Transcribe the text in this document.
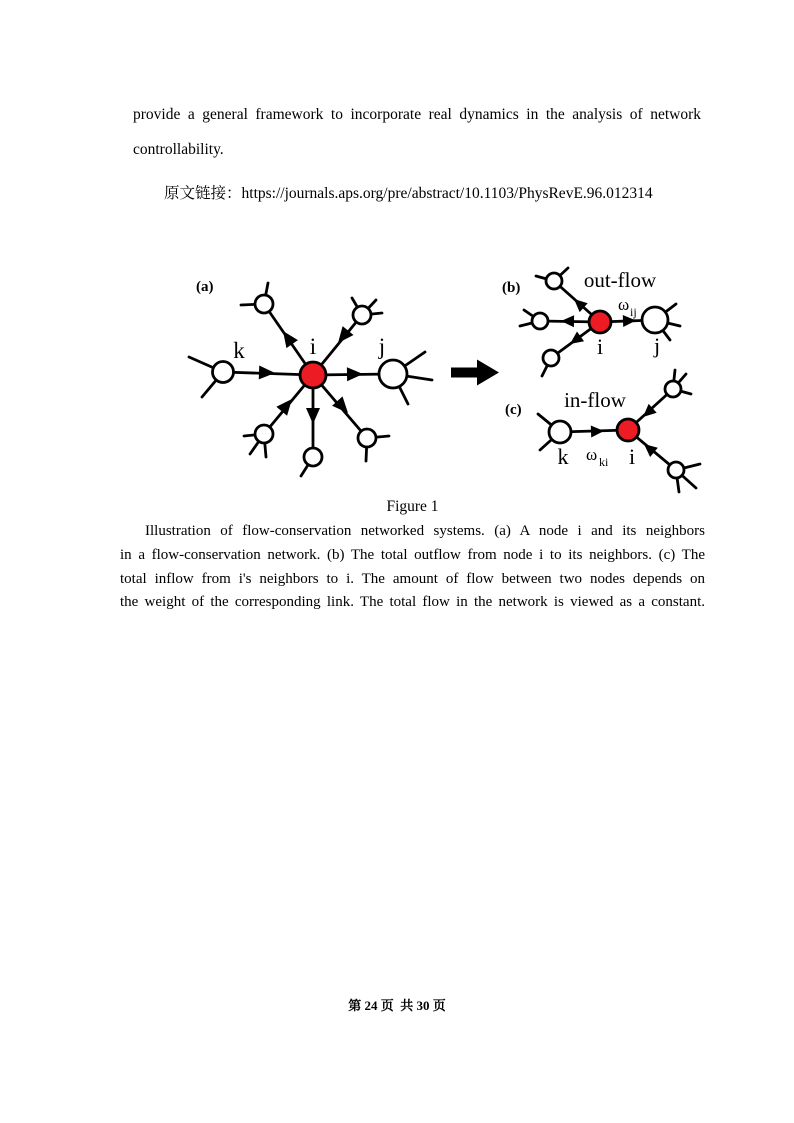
provide a general framework to incorporate real dynamics in the analysis of network
controllability.
原文链接：https://journals.aps.org/pre/abstract/10.1103/PhysRevE.96.012314
(a)
k	i	j
(b)	out-flow
ω ij
i j
(c) in-flow
k ω ki i
Figure 1
Illustration of flow-conservation networked systems. (a) A node i and its neighbors
in a flow-conservation network. (b) The total outflow from node i to its neighbors. (c) The
total inflow from i's neighbors to i. The amount of flow between two nodes depends on
the weight of the corresponding link. The total flow in the network is viewed as a constant.
第 24 页  共 30 页
